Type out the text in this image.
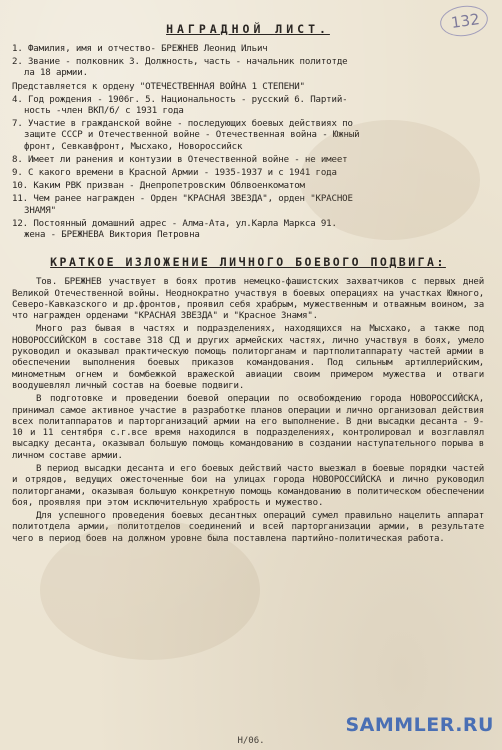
132
НАГРАДНОЙ ЛИСТ.
1. Фамилия, имя и отчество- БРЕЖНЕВ Леонид Ильич
2. Звание - полковник 3. Должность, часть - начальник политотде
ла 18 армии.
Представляется к ордену "ОТЕЧЕСТВЕННАЯ ВОЙНА 1 СТЕПЕНИ"
4. Год рождения - 1906г. 5. Национальность - русский 6. Партий-
ность -член ВКП/б/ с 1931 года
7. Участие в гражданской войне - последующих боевых действиях по
защите СССР и Отечественной войне - Отечественная война - Южный
фронт, Севкавфронт, Мысхако, Новороссийск
8. Имеет ли ранения и контузии в Отечественной войне - не имеет
9. С какого времени в Красной Армии - 1935-1937 и с 1941 года
10. Каким РВК призван - Днепропетровским Облвоенкоматом
11. Чем ранее награжден - Орден "КРАСНАЯ ЗВЕЗДА", орден "КРАСНОЕ
ЗНАМЯ"
12. Постоянный домашний адрес - Алма-Ата, ул.Карла Маркса 91.
жена - БРЕЖНЕВА Виктория Петровна
КРАТКОЕ ИЗЛОЖЕНИЕ ЛИЧНОГО БОЕВОГО ПОДВИГА:

Тов. БРЕЖНЕВ участвует в боях против немецко-фашистских захватчиков с первых дней Великой Отечественной войны. Неоднократно участвуя в боевых операциях на участках Южного, Северо-Кавказского и др.фронтов, проявил себя храбрым, мужественным и отважным воином, за что награжден орденами "КРАСНАЯ ЗВЕЗДА" и "Красное Знамя".

Много раз бывая в частях и подразделениях, находящихся на Мысхако, а также под НОВОРОССИЙСКОМ в составе 318 СД и других армейских частях, лично участвуя в боях, умело руководил и оказывал практическую помощь политорганам и партполитаппарату частей армии в обеспечении выполнения боевых приказов командования. Под сильным артиллерийским, минометным огнем и бомбежкой вражеской авиации своим примером мужества и отваги воодушевлял личный состав на боевые подвиги.

В подготовке и проведении боевой операции по освобождению города НОВОРОССИЙСКА, принимал самое активное участие в разработке планов операции и лично организовал действия всех политаппаратов и парторганизаций армии на его выполнение. В дни высадки десанта - 9-10 и 11 сентября с.г.все время находился в подразделениях, контролировал и возглавлял высадку десанта, оказывал большую помощь командованию в создании наступательного порыва в личном составе армии.

В период высадки десанта и его боевых действий часто выезжал в боевые порядки частей и отрядов, ведущих ожесточенные бои на улицах города НОВОРОССИЙСКА и лично руководил политорганами, оказывая большую конкретную помощь командованию в политическом обеспечении боя, проявляя при этом исключительную храбрость и мужество.

Для успешного проведения боевых десантных операций сумел правильно нацелить аппарат политотдела армии, политотделов соединений и всей парторганизации армии, в результате чего в период боев на должном уровне была поставлена партийно-политическая работа.

SAMMLER.RU
Н/06.
